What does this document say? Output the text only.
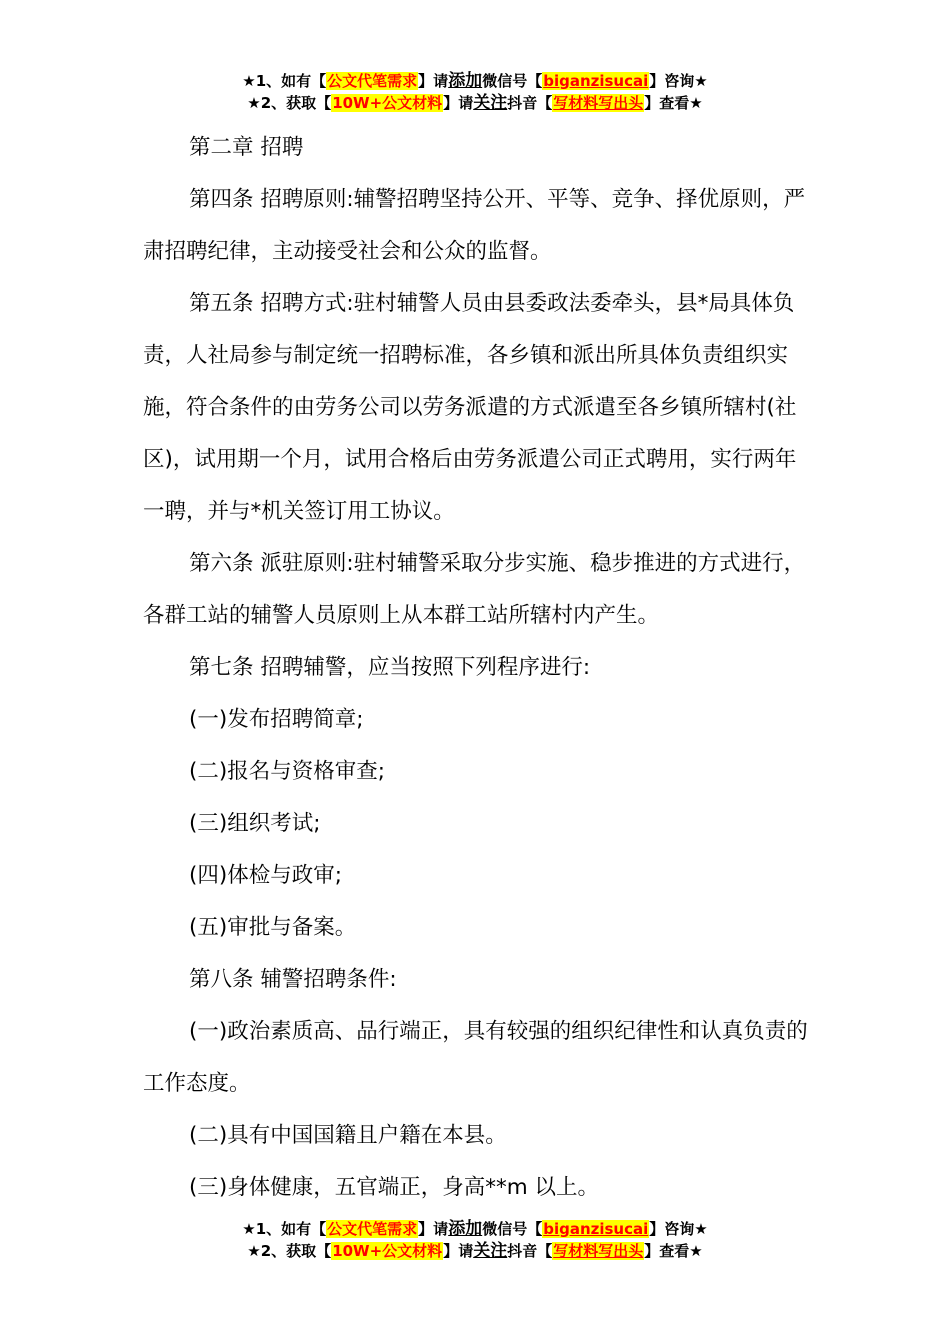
★1、如有【公文代笔需求】请添加微信号【biganzisucai】咨询★
★2、获取【10W+公文材料】请关注抖音【写材料写出头】查看★

第二章 招聘

第四条 招聘原则:辅警招聘坚持公开、平等、竞争、择优原则，严肃招聘纪律，主动接受社会和公众的监督。

第五条 招聘方式:驻村辅警人员由县委政法委牵头，县*局具体负责，人社局参与制定统一招聘标准，各乡镇和派出所具体负责组织实施，符合条件的由劳务公司以劳务派遣的方式派遣至各乡镇所辖村(社区)，试用期一个月，试用合格后由劳务派遣公司正式聘用，实行两年一聘，并与*机关签订用工协议。

第六条 派驻原则:驻村辅警采取分步实施、稳步推进的方式进行，各群工站的辅警人员原则上从本群工站所辖村内产生。

第七条 招聘辅警，应当按照下列程序进行:

(一)发布招聘简章;

(二)报名与资格审查;

(三)组织考试;

(四)体检与政审;

(五)审批与备案。

第八条 辅警招聘条件:

(一)政治素质高、品行端正，具有较强的组织纪律性和认真负责的工作态度。

(二)具有中国国籍且户籍在本县。

(三)身体健康，五官端正，身高**m 以上。

★1、如有【公文代笔需求】请添加微信号【biganzisucai】咨询★
★2、获取【10W+公文材料】请关注抖音【写材料写出头】查看★
